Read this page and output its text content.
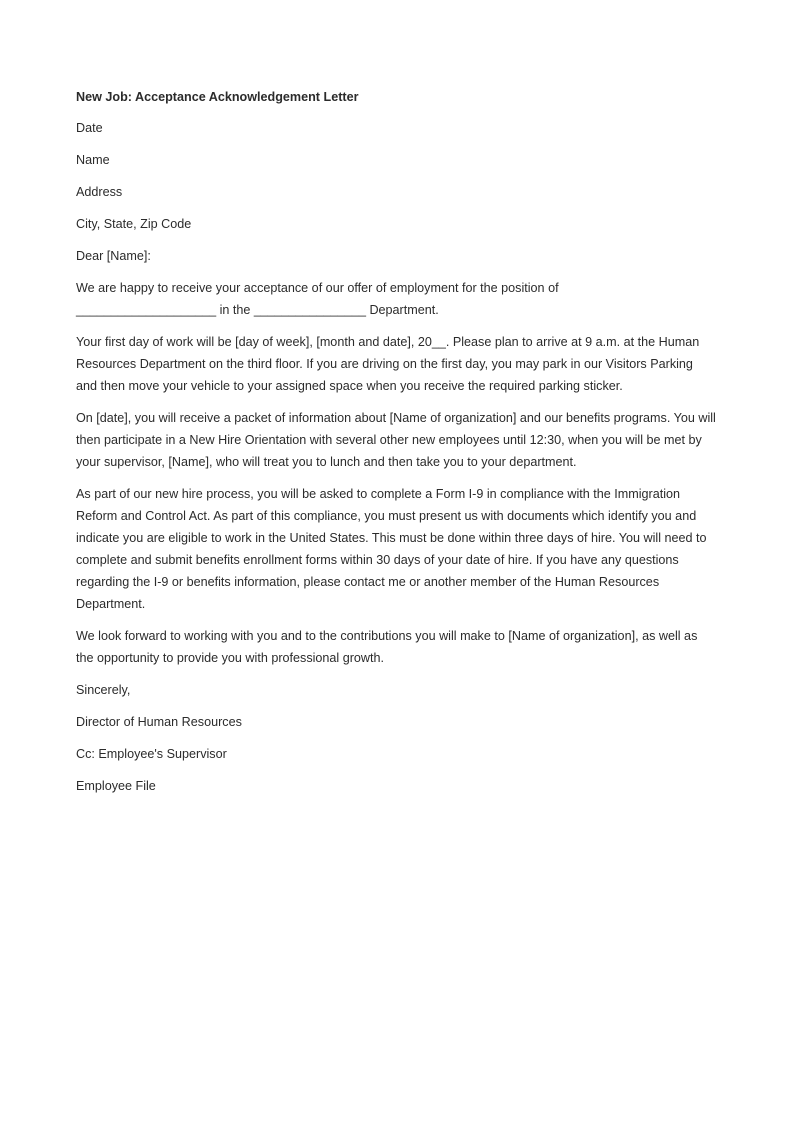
New Job: Acceptance Acknowledgement Letter
Date
Name
Address
City, State, Zip Code
Dear [Name]:
We are happy to receive your acceptance of our offer of employment for the position of
____________________ in the ________________ Department.
Your first day of work will be [day of week], [month and date], 20__. Please plan to arrive at 9 a.m. at the Human Resources Department on the third floor. If you are driving on the first day, you may park in our Visitors Parking and then move your vehicle to your assigned space when you receive the required parking sticker.
On [date], you will receive a packet of information about [Name of organization] and our benefits programs. You will then participate in a New Hire Orientation with several other new employees until 12:30, when you will be met by your supervisor, [Name], who will treat you to lunch and then take you to your department.
As part of our new hire process, you will be asked to complete a Form I-9 in compliance with the Immigration Reform and Control Act. As part of this compliance, you must present us with documents which identify you and indicate you are eligible to work in the United States. This must be done within three days of hire. You will need to complete and submit benefits enrollment forms within 30 days of your date of hire. If you have any questions regarding the I-9 or benefits information, please contact me or another member of the Human Resources Department.
We look forward to working with you and to the contributions you will make to [Name of organization], as well as the opportunity to provide you with professional growth.
Sincerely,
Director of Human Resources
Cc: Employee's Supervisor
Employee File
